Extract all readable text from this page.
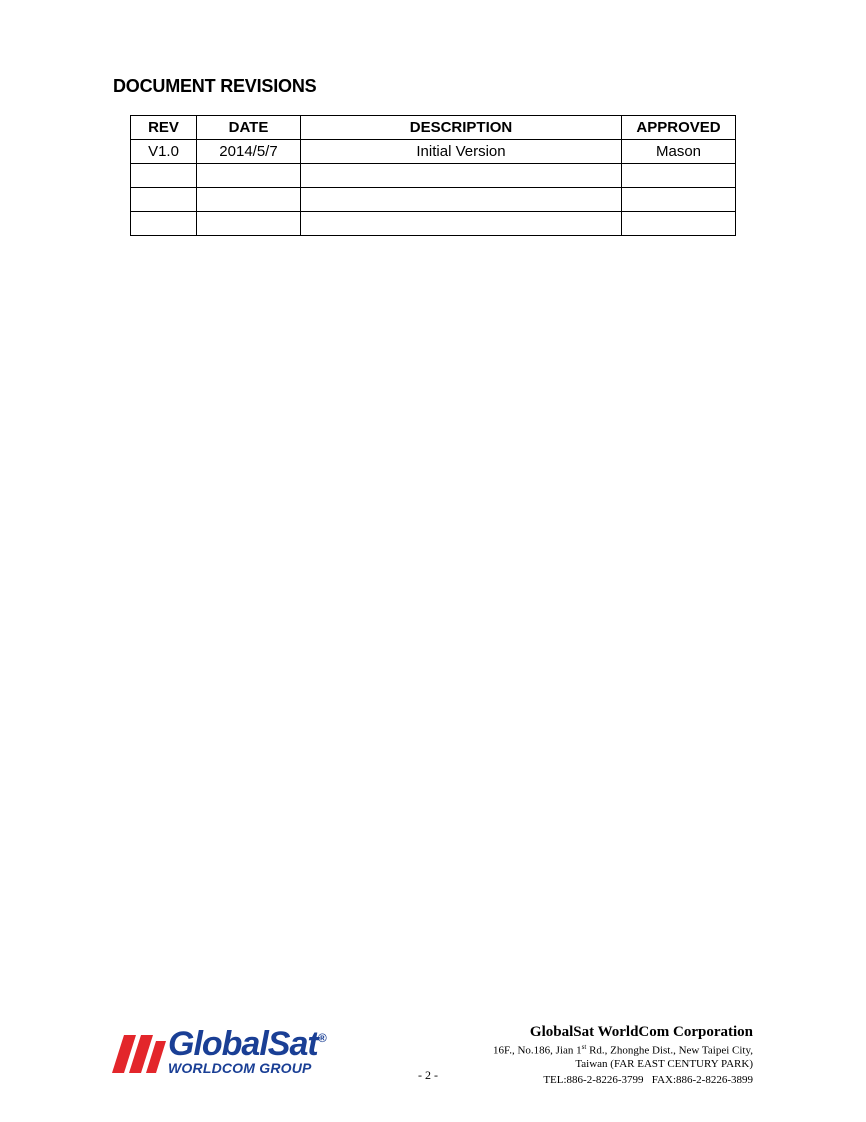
DOCUMENT REVISIONS
REV	DATE	DESCRIPTION	APPROVED
V1.0	2014/5/7	Initial Version	Mason

GlobalSat®
WORLDCOM GROUP	- 2 -
GlobalSat WorldCom Corporation
16F., No.186, Jian 1st Rd., Zhonghe Dist., New Taipei City,
Taiwan (FAR EAST CENTURY PARK)
TEL:886-2-8226-3799 FAX:886-2-8226-3899
